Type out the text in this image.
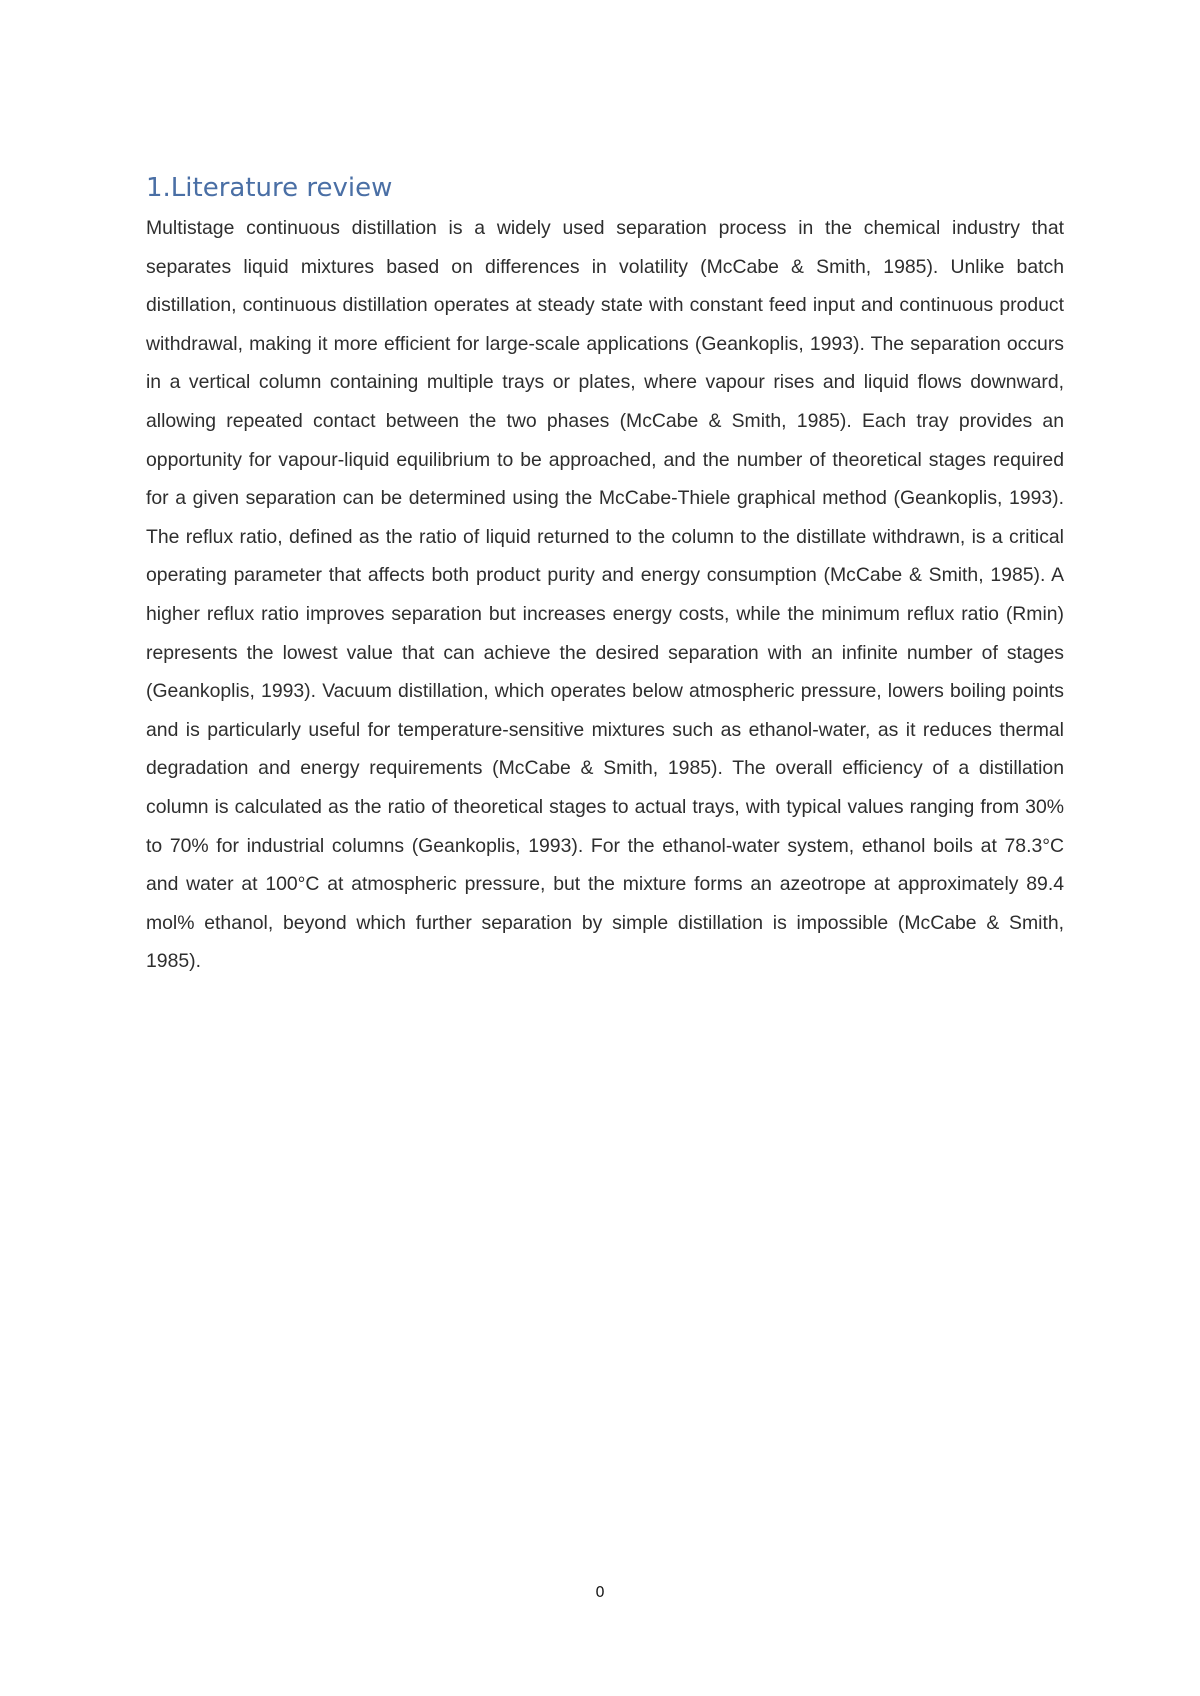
1.Literature review

Multistage continuous distillation is a widely used separation process in the chemical industry that separates liquid mixtures based on differences in volatility (McCabe & Smith, 1985). Unlike batch distillation, continuous distillation operates at steady state with constant feed input and continuous product withdrawal, making it more efficient for large-scale applications (Geankoplis, 1993). The separation occurs in a vertical column containing multiple trays or plates, where vapour rises and liquid flows downward, allowing repeated contact between the two phases (McCabe & Smith, 1985). Each tray provides an opportunity for vapour-liquid equilibrium to be approached, and the number of theoretical stages required for a given separation can be determined using the McCabe-Thiele graphical method (Geankoplis, 1993). The reflux ratio, defined as the ratio of liquid returned to the column to the distillate withdrawn, is a critical operating parameter that affects both product purity and energy consumption (McCabe & Smith, 1985). A higher reflux ratio improves separation but increases energy costs, while the minimum reflux ratio (Rmin) represents the lowest value that can achieve the desired separation with an infinite number of stages (Geankoplis, 1993). Vacuum distillation, which operates below atmospheric pressure, lowers boiling points and is particularly useful for temperature-sensitive mixtures such as ethanol-water, as it reduces thermal degradation and energy requirements (McCabe & Smith, 1985). The overall efficiency of a distillation column is calculated as the ratio of theoretical stages to actual trays, with typical values ranging from 30% to 70% for industrial columns (Geankoplis, 1993). For the ethanol-water system, ethanol boils at 78.3°C and water at 100°C at atmospheric pressure, but the mixture forms an azeotrope at approximately 89.4 mol% ethanol, beyond which further separation by simple distillation is impossible (McCabe & Smith, 1985).

0
